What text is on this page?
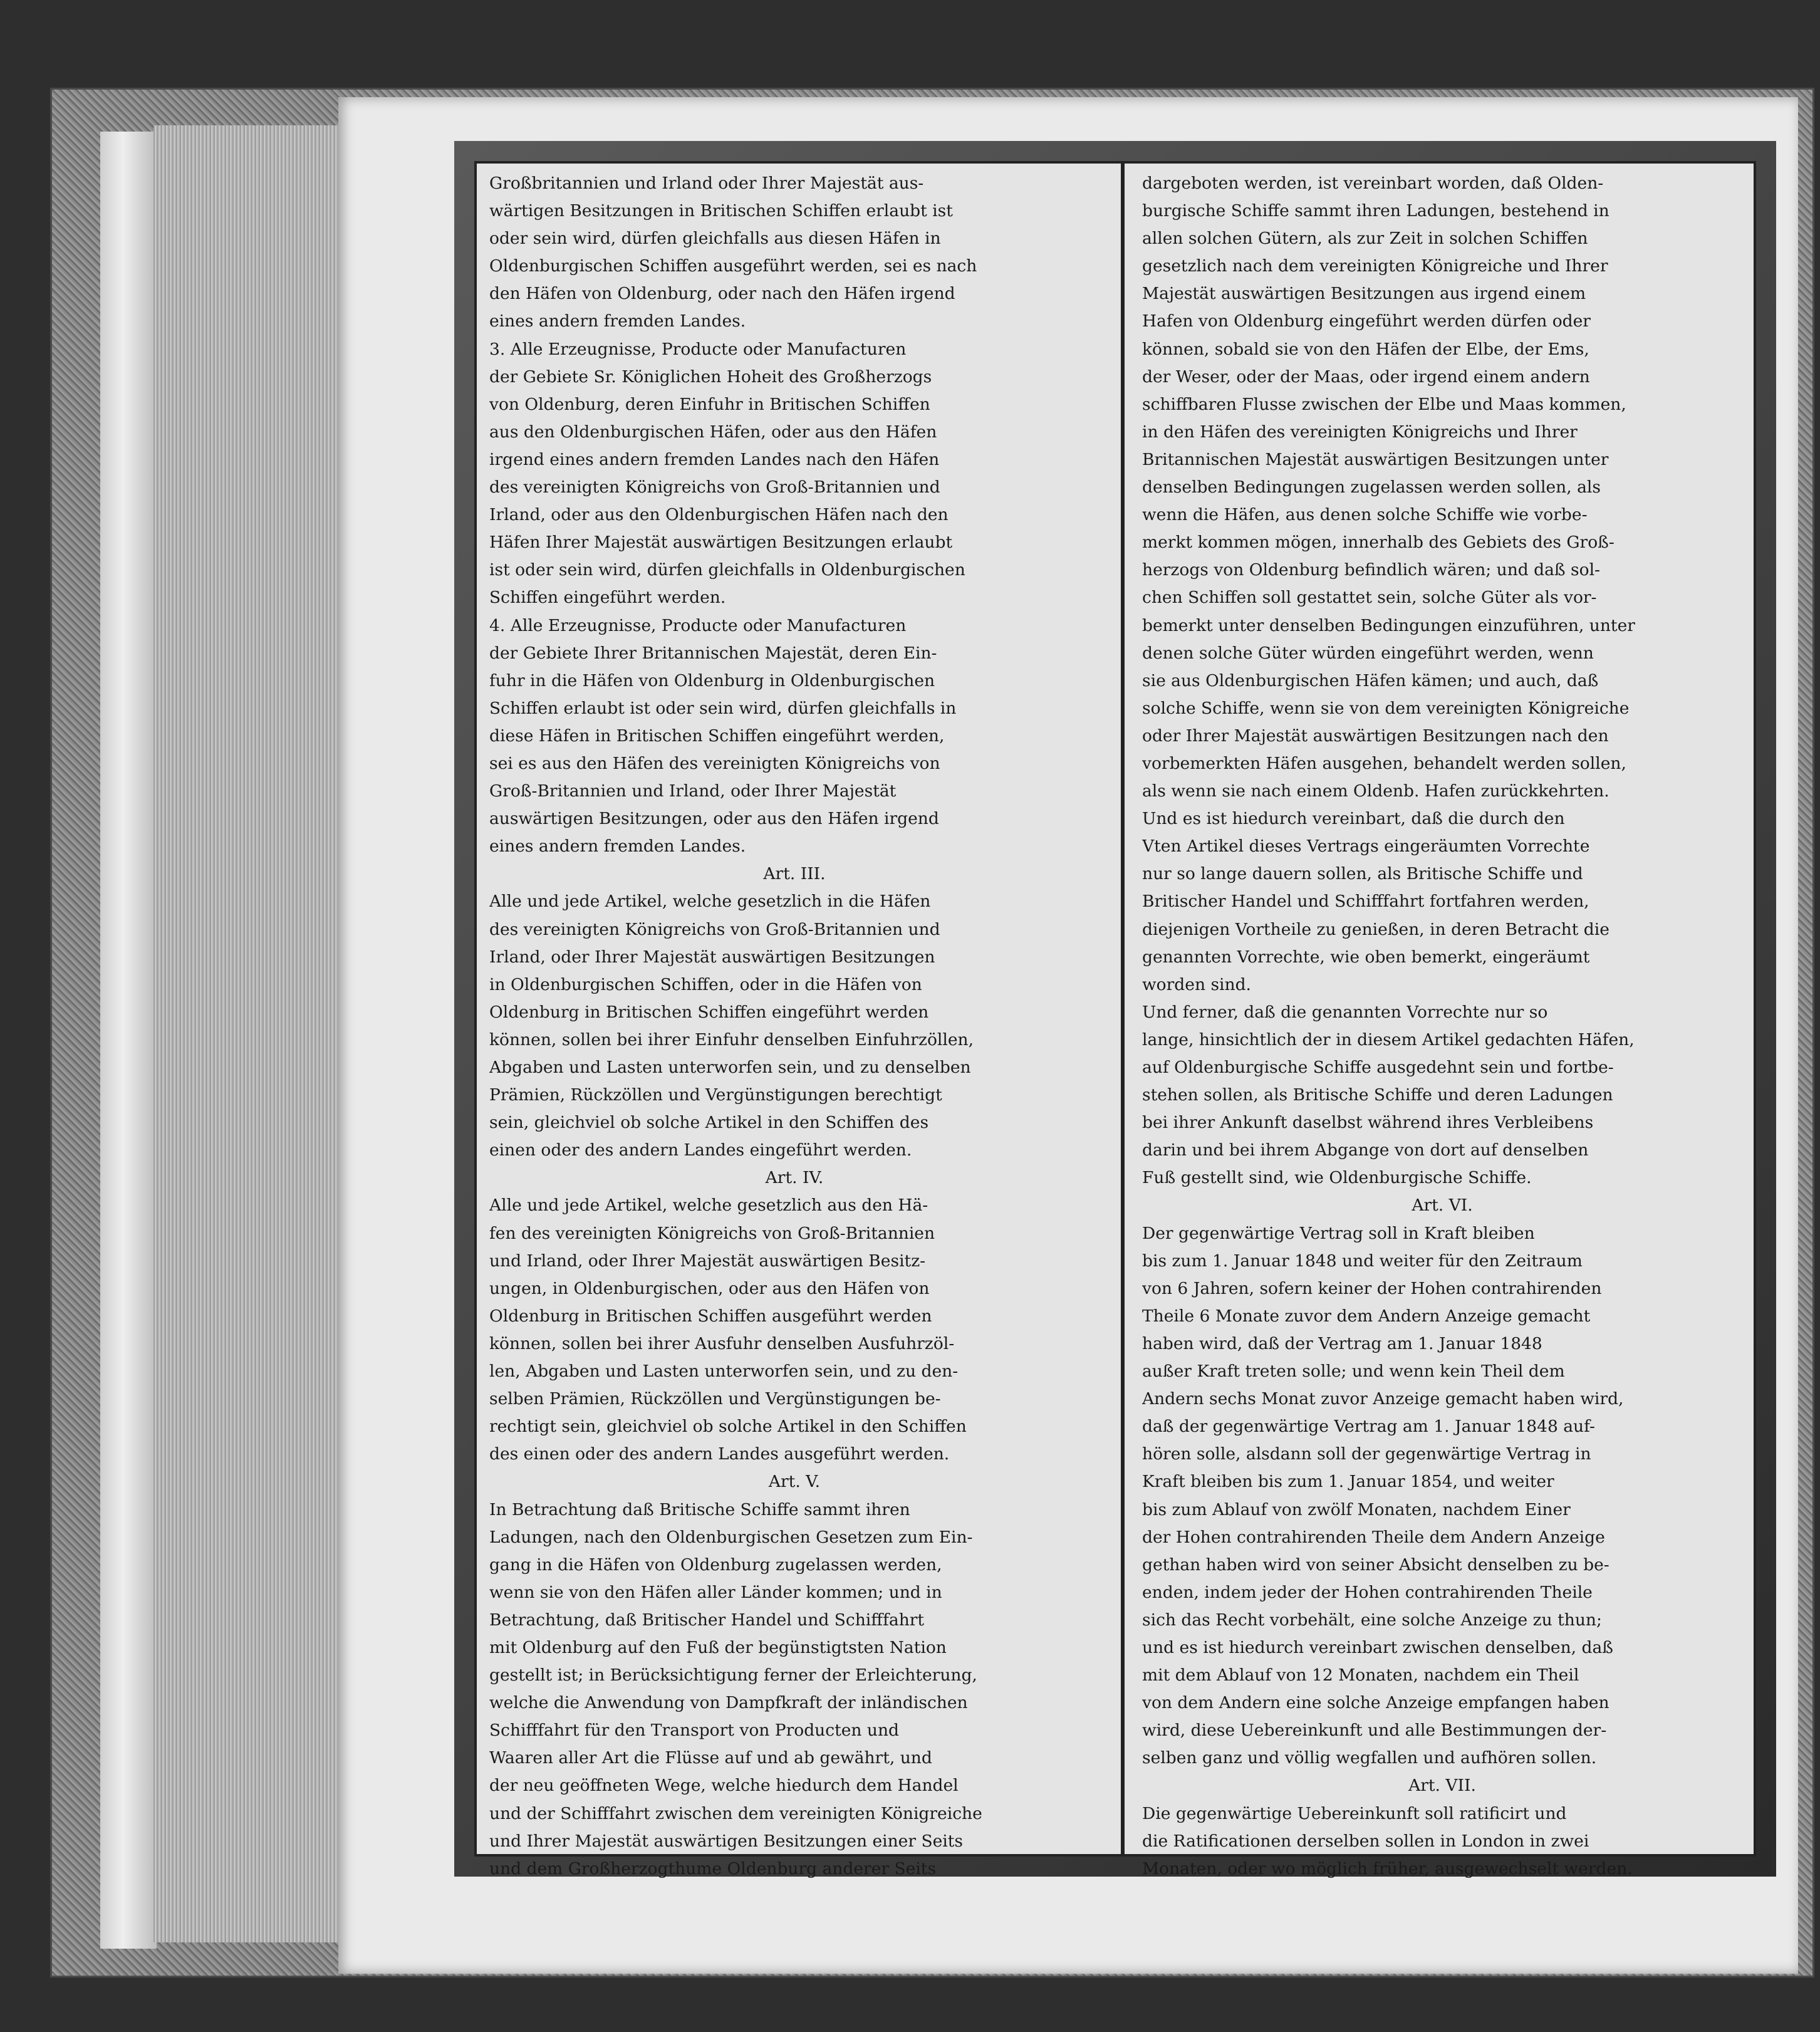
Großbritannien und Irland oder Ihrer Majestät aus-
wärtigen Besitzungen in Britischen Schiffen erlaubt ist
oder sein wird, dürfen gleichfalls aus diesen Häfen in
Oldenburgischen Schiffen ausgeführt werden, sei es nach
den Häfen von Oldenburg, oder nach den Häfen irgend
eines andern fremden Landes.
3. Alle Erzeugnisse, Producte oder Manufacturen
der Gebiete Sr. Königlichen Hoheit des Großherzogs
von Oldenburg, deren Einfuhr in Britischen Schiffen
aus den Oldenburgischen Häfen, oder aus den Häfen
irgend eines andern fremden Landes nach den Häfen
des vereinigten Königreichs von Groß-Britannien und
Irland, oder aus den Oldenburgischen Häfen nach den
Häfen Ihrer Majestät auswärtigen Besitzungen erlaubt
ist oder sein wird, dürfen gleichfalls in Oldenburgischen
Schiffen eingeführt werden.
4. Alle Erzeugnisse, Producte oder Manufacturen
der Gebiete Ihrer Britannischen Majestät, deren Ein-
fuhr in die Häfen von Oldenburg in Oldenburgischen
Schiffen erlaubt ist oder sein wird, dürfen gleichfalls in
diese Häfen in Britischen Schiffen eingeführt werden,
sei es aus den Häfen des vereinigten Königreichs von
Groß-Britannien und Irland, oder Ihrer Majestät
auswärtigen Besitzungen, oder aus den Häfen irgend
eines andern fremden Landes.
Art. III.
Alle und jede Artikel, welche gesetzlich in die Häfen
des vereinigten Königreichs von Groß-Britannien und
Irland, oder Ihrer Majestät auswärtigen Besitzungen
in Oldenburgischen Schiffen, oder in die Häfen von
Oldenburg in Britischen Schiffen eingeführt werden
können, sollen bei ihrer Einfuhr denselben Einfuhrzöllen,
Abgaben und Lasten unterworfen sein, und zu denselben
Prämien, Rückzöllen und Vergünstigungen berechtigt
sein, gleichviel ob solche Artikel in den Schiffen des
einen oder des andern Landes eingeführt werden.
Art. IV.
Alle und jede Artikel, welche gesetzlich aus den Hä-
fen des vereinigten Königreichs von Groß-Britannien
und Irland, oder Ihrer Majestät auswärtigen Besitz-
ungen, in Oldenburgischen, oder aus den Häfen von
Oldenburg in Britischen Schiffen ausgeführt werden
können, sollen bei ihrer Ausfuhr denselben Ausfuhrzöl-
len, Abgaben und Lasten unterworfen sein, und zu den-
selben Prämien, Rückzöllen und Vergünstigungen be-
rechtigt sein, gleichviel ob solche Artikel in den Schiffen
des einen oder des andern Landes ausgeführt werden.
Art. V.
In Betrachtung daß Britische Schiffe sammt ihren
Ladungen, nach den Oldenburgischen Gesetzen zum Ein-
gang in die Häfen von Oldenburg zugelassen werden,
wenn sie von den Häfen aller Länder kommen; und in
Betrachtung, daß Britischer Handel und Schifffahrt
mit Oldenburg auf den Fuß der begünstigtsten Nation
gestellt ist; in Berücksichtigung ferner der Erleichterung,
welche die Anwendung von Dampfkraft der inländischen
Schifffahrt für den Transport von Producten und
Waaren aller Art die Flüsse auf und ab gewährt, und
der neu geöffneten Wege, welche hiedurch dem Handel
und der Schifffahrt zwischen dem vereinigten Königreiche
und Ihrer Majestät auswärtigen Besitzungen einer Seits
und dem Großherzogthume Oldenburg anderer Seits
dargeboten werden, ist vereinbart worden, daß Olden-
burgische Schiffe sammt ihren Ladungen, bestehend in
allen solchen Gütern, als zur Zeit in solchen Schiffen
gesetzlich nach dem vereinigten Königreiche und Ihrer
Majestät auswärtigen Besitzungen aus irgend einem
Hafen von Oldenburg eingeführt werden dürfen oder
können, sobald sie von den Häfen der Elbe, der Ems,
der Weser, oder der Maas, oder irgend einem andern
schiffbaren Flusse zwischen der Elbe und Maas kommen,
in den Häfen des vereinigten Königreichs und Ihrer
Britannischen Majestät auswärtigen Besitzungen unter
denselben Bedingungen zugelassen werden sollen, als
wenn die Häfen, aus denen solche Schiffe wie vorbe-
merkt kommen mögen, innerhalb des Gebiets des Groß-
herzogs von Oldenburg befindlich wären; und daß sol-
chen Schiffen soll gestattet sein, solche Güter als vor-
bemerkt unter denselben Bedingungen einzuführen, unter
denen solche Güter würden eingeführt werden, wenn
sie aus Oldenburgischen Häfen kämen; und auch, daß
solche Schiffe, wenn sie von dem vereinigten Königreiche
oder Ihrer Majestät auswärtigen Besitzungen nach den
vorbemerkten Häfen ausgehen, behandelt werden sollen,
als wenn sie nach einem Oldenb. Hafen zurückkehrten.
Und es ist hiedurch vereinbart, daß die durch den
Vten Artikel dieses Vertrags eingeräumten Vorrechte
nur so lange dauern sollen, als Britische Schiffe und
Britischer Handel und Schifffahrt fortfahren werden,
diejenigen Vortheile zu genießen, in deren Betracht die
genannten Vorrechte, wie oben bemerkt, eingeräumt
worden sind.
Und ferner, daß die genannten Vorrechte nur so
lange, hinsichtlich der in diesem Artikel gedachten Häfen,
auf Oldenburgische Schiffe ausgedehnt sein und fortbe-
stehen sollen, als Britische Schiffe und deren Ladungen
bei ihrer Ankunft daselbst während ihres Verbleibens
darin und bei ihrem Abgange von dort auf denselben
Fuß gestellt sind, wie Oldenburgische Schiffe.
Art. VI.
Der gegenwärtige Vertrag soll in Kraft bleiben
bis zum 1. Januar 1848 und weiter für den Zeitraum
von 6 Jahren, sofern keiner der Hohen contrahirenden
Theile 6 Monate zuvor dem Andern Anzeige gemacht
haben wird, daß der Vertrag am 1. Januar 1848
außer Kraft treten solle; und wenn kein Theil dem
Andern sechs Monat zuvor Anzeige gemacht haben wird,
daß der gegenwärtige Vertrag am 1. Januar 1848 auf-
hören solle, alsdann soll der gegenwärtige Vertrag in
Kraft bleiben bis zum 1. Januar 1854, und weiter
bis zum Ablauf von zwölf Monaten, nachdem Einer
der Hohen contrahirenden Theile dem Andern Anzeige
gethan haben wird von seiner Absicht denselben zu be-
enden, indem jeder der Hohen contrahirenden Theile
sich das Recht vorbehält, eine solche Anzeige zu thun;
und es ist hiedurch vereinbart zwischen denselben, daß
mit dem Ablauf von 12 Monaten, nachdem ein Theil
von dem Andern eine solche Anzeige empfangen haben
wird, diese Uebereinkunft und alle Bestimmungen der-
selben ganz und völlig wegfallen und aufhören sollen.
Art. VII.
Die gegenwärtige Uebereinkunft soll ratificirt und
die Ratificationen derselben sollen in London in zwei
Monaten, oder wo möglich früher, ausgewechselt werden.
